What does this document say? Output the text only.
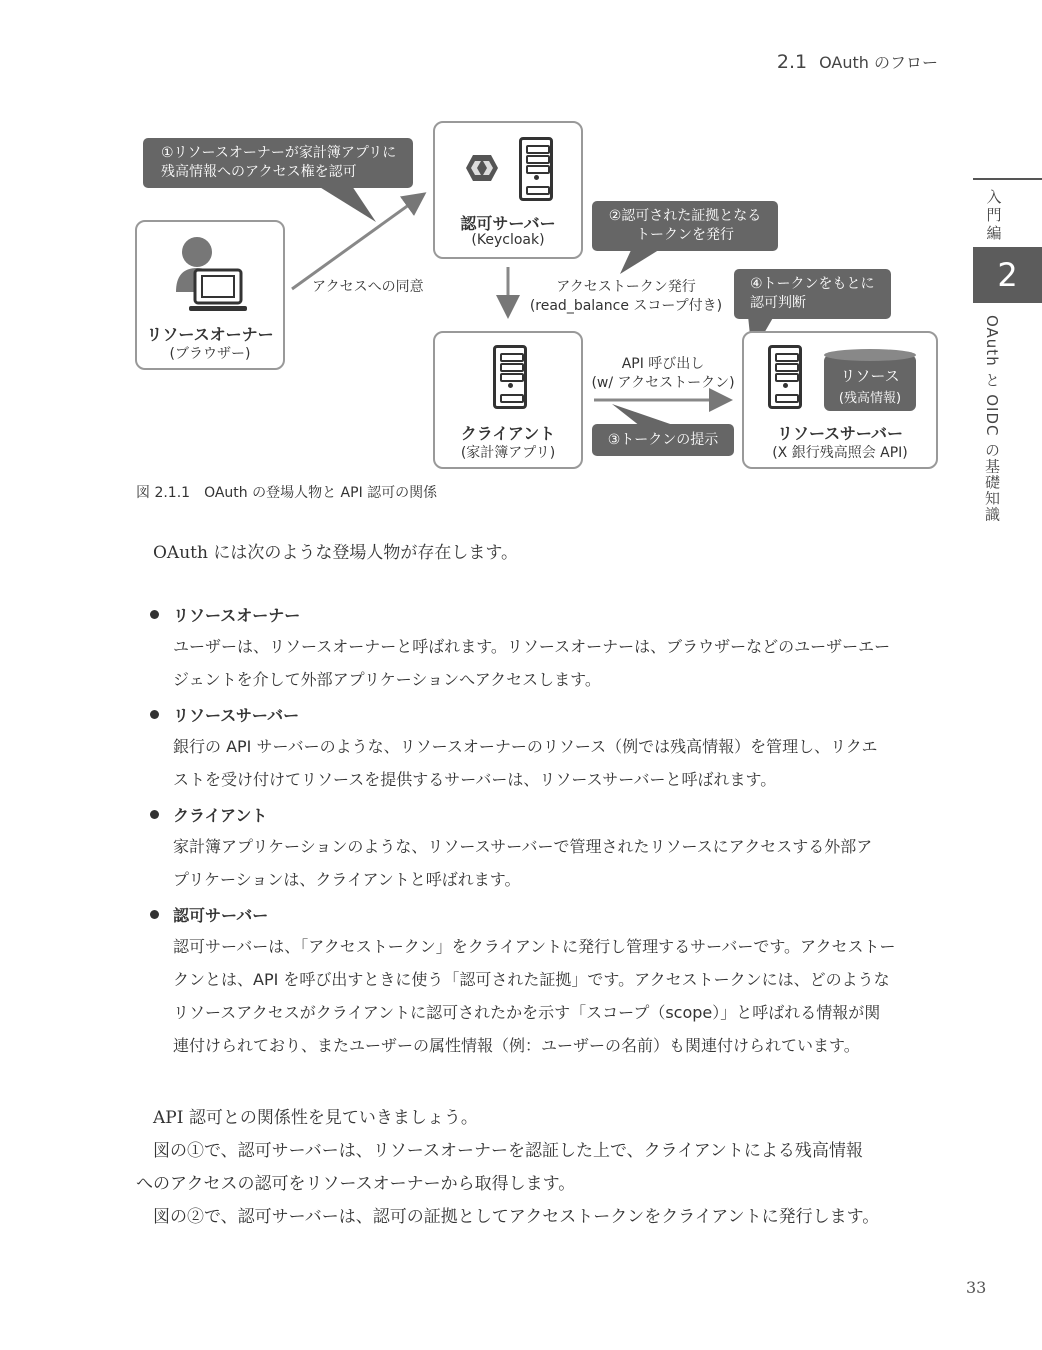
2.1 OAuth のフロー
入門編
2
OAuth と OIDC の基礎知識
リソースオーナー
(ブラウザー)
認可サーバー
(Keycloak)
クライアント
(家計簿アプリ)
リソース
(残高情報)
リソースサーバー
(X 銀行残高照会 API)
①リソースオーナーが家計簿アプリに
残高情報へのアクセス権を認可
②認可された証拠となる
トークンを発行
③トークンの提示
④トークンをもとに
認可判断
アクセスへの同意	アクセストークン発行
(read_balance スコープ付き)
API 呼び出し
(w/ アクセストークン)
図 2.1.1　OAuth の登場人物と API 認可の関係
OAuth には次のような登場人物が存在します。
リソースオーナー
ユーザーは、リソースオーナーと呼ばれます。リソースオーナーは、ブラウザーなどのユーザーエー
ジェントを介して外部アプリケーションへアクセスします。
リソースサーバー
銀行の API サーバーのような、リソースオーナーのリソース（例では残高情報）を管理し、リクエ
ストを受け付けてリソースを提供するサーバーは、リソースサーバーと呼ばれます。
クライアント
家計簿アプリケーションのような、リソースサーバーで管理されたリソースにアクセスする外部ア
プリケーションは、クライアントと呼ばれます。
認可サーバー
認可サーバーは、「アクセストークン」をクライアントに発行し管理するサーバーです。アクセストー
クンとは、API を呼び出すときに使う「認可された証拠」です。アクセストークンには、どのような
リソースアクセスがクライアントに認可されたかを示す「スコープ（scope）」と呼ばれる情報が関
連付けられており、またユーザーの属性情報（例：ユーザーの名前）も関連付けられています。
API 認可との関係性を見ていきましょう。
図の①で、認可サーバーは、リソースオーナーを認証した上で、クライアントによる残高情報
へのアクセスの認可をリソースオーナーから取得します。
図の②で、認可サーバーは、認可の証拠としてアクセストークンをクライアントに発行します。
33
